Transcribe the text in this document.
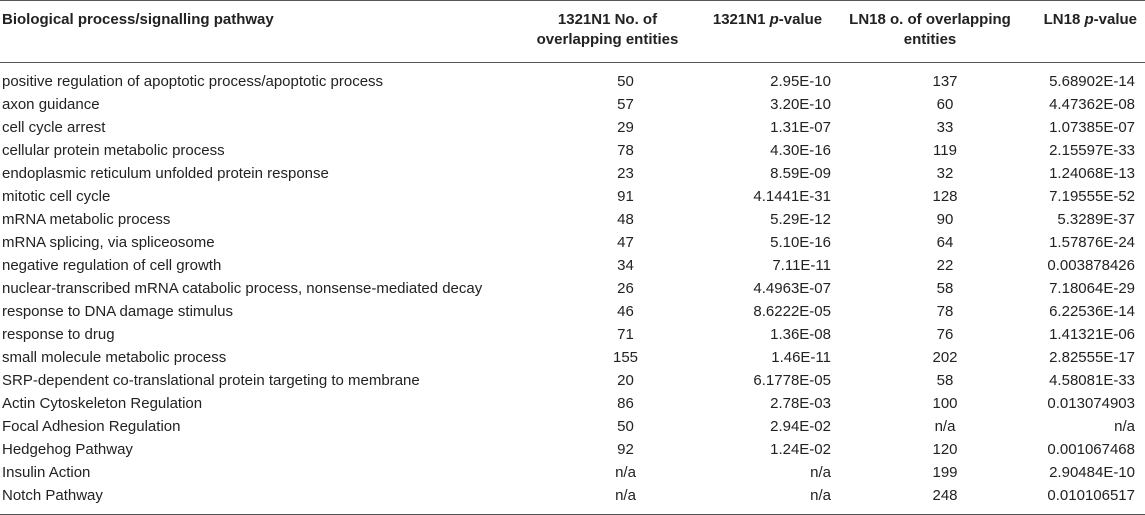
Biological process/signalling pathway	1321N1 No. of overlapping entities	1321N1 p-value	LN18 o. of overlapping entities	LN18 p-value
positive regulation of apoptotic process/apoptotic process	50	2.95E-10	137	5.68902E-14
axon guidance	57	3.20E-10	60	4.47362E-08
cell cycle arrest	29	1.31E-07	33	1.07385E-07
cellular protein metabolic process	78	4.30E-16	119	2.15597E-33
endoplasmic reticulum unfolded protein response	23	8.59E-09	32	1.24068E-13
mitotic cell cycle	91	4.1441E-31	128	7.19555E-52
mRNA metabolic process	48	5.29E-12	90	5.3289E-37
mRNA splicing, via spliceosome	47	5.10E-16	64	1.57876E-24
negative regulation of cell growth	34	7.11E-11	22	0.003878426
nuclear-transcribed mRNA catabolic process, nonsense-mediated decay	26	4.4963E-07	58	7.18064E-29
response to DNA damage stimulus	46	8.6222E-05	78	6.22536E-14
response to drug	71	1.36E-08	76	1.41321E-06
small molecule metabolic process	155	1.46E-11	202	2.82555E-17
SRP-dependent co-translational protein targeting to membrane	20	6.1778E-05	58	4.58081E-33
Actin Cytoskeleton Regulation	86	2.78E-03	100	0.013074903
Focal Adhesion Regulation	50	2.94E-02	n/a	n/a
Hedgehog Pathway	92	1.24E-02	120	0.001067468
Insulin Action	n/a	n/a	199	2.90484E-10
Notch Pathway	n/a	n/a	248	0.010106517
